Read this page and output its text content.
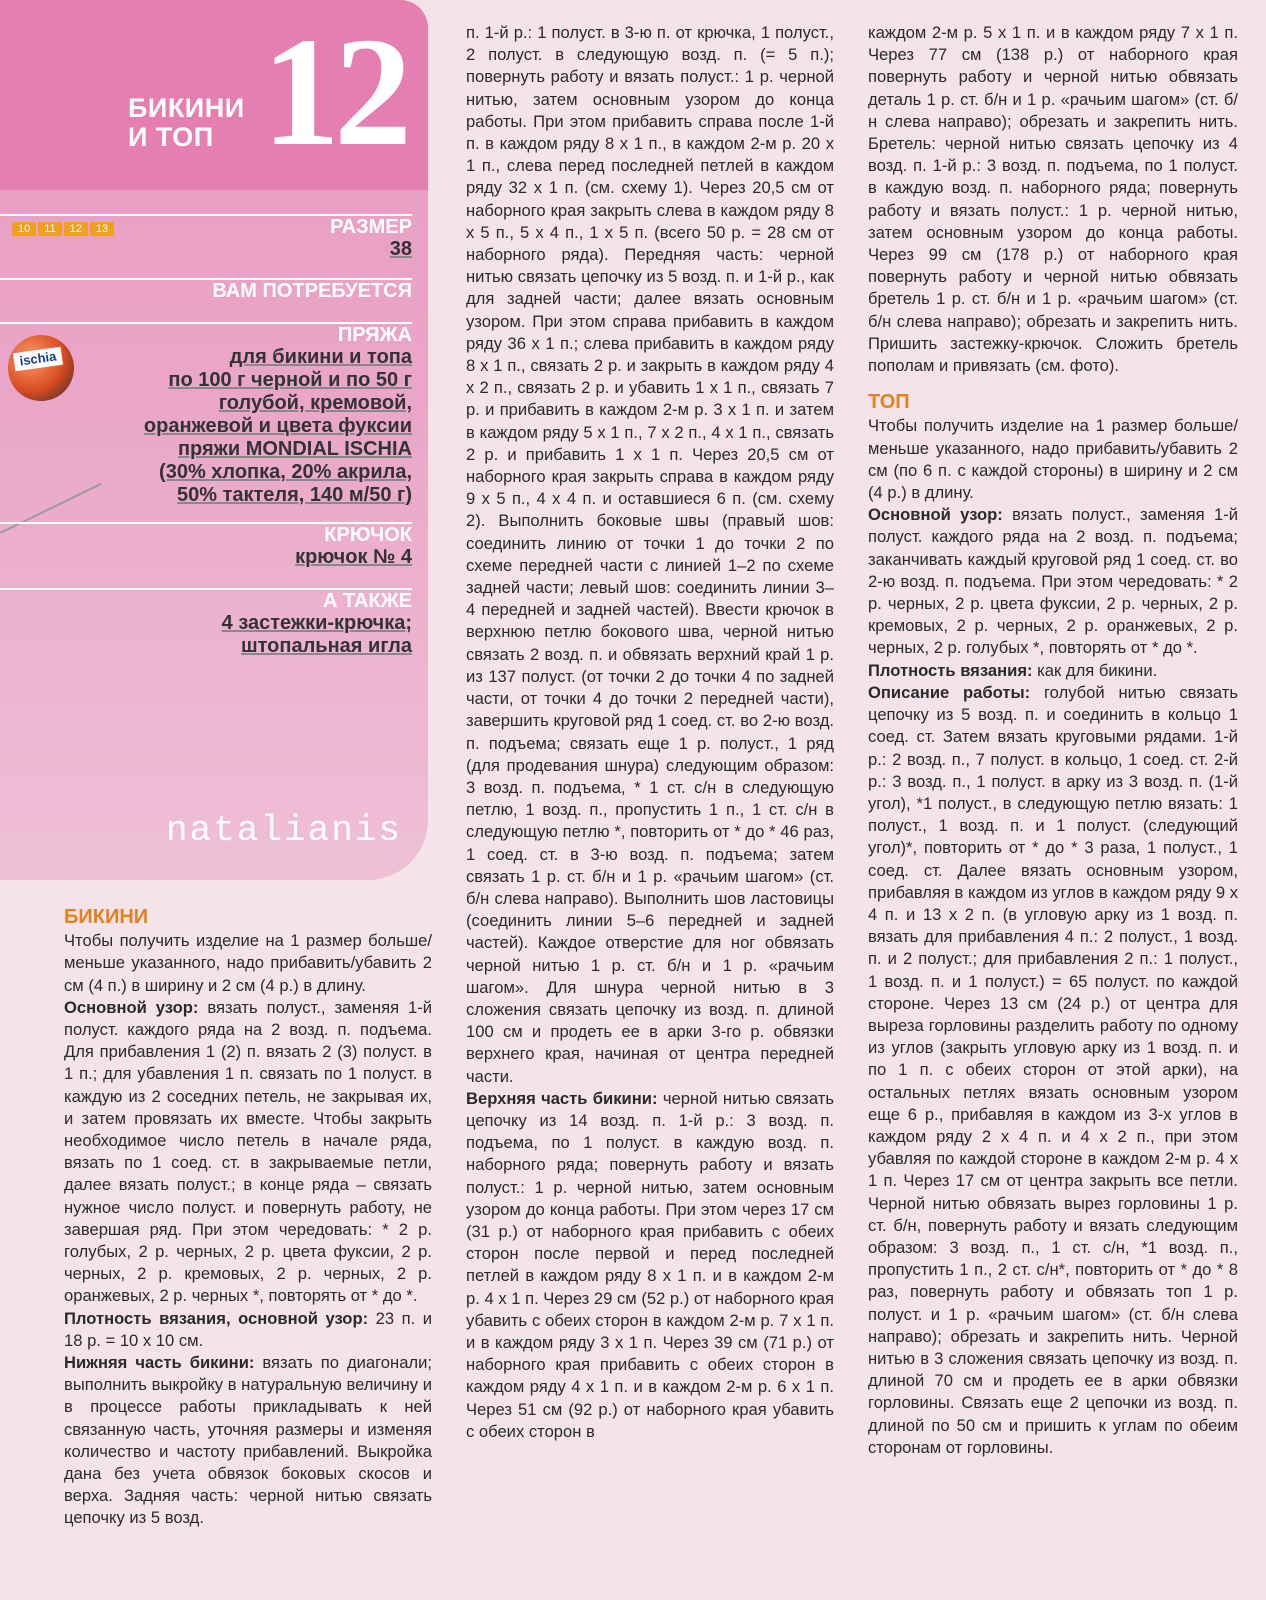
БИКИНИ
И ТОП 12
10	11	12	13	РАЗМЕР
38
ВАМ ПОТРЕБУЕТСЯ
ПРЯЖА
ischia	для бикини и топа
по 100 г черной и по 50 г
голубой, кремовой,
оранжевой и цвета фуксии
пряжи MONDIAL ISCHIA
(30% хлопка, 20% акрила,
50% тактеля, 140 м/50 г)
КРЮЧОК
крючок № 4
А ТАКЖЕ
4 застежки-крючка;
штопальная игла
natalianis
БИКИНИ

Чтобы получить изделие на 1 размер больше/меньше указанного, надо прибавить/убавить 2 см (4 п.) в ширину и 2 см (4 р.) в длину.

Основной узор: вязать полуст., заменяя 1-й полуст. каждого ряда на 2 возд. п. подъема. Для прибавления 1 (2) п. вязать 2 (3) полуст. в 1 п.; для убавления 1 п. связать по 1 полуст. в каждую из 2 соседних петель, не закрывая их, и затем провязать их вместе. Чтобы закрыть необходимое число петель в начале ряда, вязать по 1 соед. ст. в закрываемые петли, далее вязать полуст.; в конце ряда – связать нужное число полуст. и повернуть работу, не завершая ряд. При этом чередовать: * 2 р. голубых, 2 р. черных, 2 р. цвета фуксии, 2 р. черных, 2 р. кремовых, 2 р. черных, 2 р. оранжевых, 2 р. черных *, повторять от * до *.

Плотность вязания, основной узор: 23 п. и 18 р. = 10 х 10 см.

Нижняя часть бикини: вязать по диагонали; выполнить выкройку в натуральную величину и в процессе работы прикладывать к ней связанную часть, уточняя размеры и изменяя количество и частоту прибавлений. Выкройка дана без учета обвязок боковых скосов и верха. Задняя часть: черной нитью связать цепочку из 5 возд.

п. 1-й р.: 1 полуст. в 3-ю п. от крючка, 1 полуст., 2 полуст. в следующую возд. п. (= 5 п.); повернуть работу и вязать полуст.: 1 р. черной нитью, затем основным узором до конца работы. При этом прибавить справа после 1-й п. в каждом ряду 8 х 1 п., в каждом 2-м р. 20 х 1 п., слева перед последней петлей в каждом ряду 32 х 1 п. (см. схему 1). Через 20,5 см от наборного края закрыть слева в каждом ряду 8 х 5 п., 5 х 4 п., 1 х 5 п. (всего 50 р. = 28 см от наборного ряда). Передняя часть: черной нитью связать цепочку из 5 возд. п. и 1-й р., как для задней части; далее вязать основным узором. При этом справа прибавить в каждом ряду 36 х 1 п.; слева прибавить в каждом ряду 8 х 1 п., связать 2 р. и закрыть в каждом ряду 4 х 2 п., связать 2 р. и убавить 1 х 1 п., связать 7 р. и прибавить в каждом 2-м р. 3 х 1 п. и затем в каждом ряду 5 х 1 п., 7 х 2 п., 4 х 1 п., связать 2 р. и прибавить 1 х 1 п. Через 20,5 см от наборного края закрыть справа в каждом ряду 9 х 5 п., 4 х 4 п. и оставшиеся 6 п. (см. схему 2). Выполнить боковые швы (правый шов: соединить линию от точки 1 до точки 2 по схеме передней части с линией 1–2 по схеме задней части; левый шов: соединить линии 3–4 передней и задней частей). Ввести крючок в верхнюю петлю бокового шва, черной нитью связать 2 возд. п. и обвязать верхний край 1 р. из 137 полуст. (от точки 2 до точки 4 по задней части, от точки 4 до точки 2 передней части), завершить круговой ряд 1 соед. ст. во 2-ю возд. п. подъема; связать еще 1 р. полуст., 1 ряд (для продевания шнура) следующим образом: 3 возд. п. подъема, * 1 ст. с/н в следующую петлю, 1 возд. п., пропустить 1 п., 1 ст. с/н в следующую петлю *, повторить от * до * 46 раз, 1 соед. ст. в 3-ю возд. п. подъема; затем связать 1 р. ст. б/н и 1 р. «рачьим шагом» (ст. б/н слева направо). Выполнить шов ластовицы (соединить линии 5–6 передней и задней частей). Каждое отверстие для ног обвязать черной нитью 1 р. ст. б/н и 1 р. «рачьим шагом». Для шнура черной нитью в 3 сложения связать цепочку из возд. п. длиной 100 см и продеть ее в арки 3-го р. обвязки верхнего края, начиная от центра передней части.

Верхняя часть бикини: черной нитью связать цепочку из 14 возд. п. 1-й р.: 3 возд. п. подъема, по 1 полуст. в каждую возд. п. наборного ряда; повернуть работу и вязать полуст.: 1 р. черной нитью, затем основным узором до конца работы. При этом через 17 см (31 р.) от наборного края прибавить с обеих сторон после первой и перед последней петлей в каждом ряду 8 х 1 п. и в каждом 2-м р. 4 х 1 п. Через 29 см (52 р.) от наборного края убавить с обеих сторон в каждом 2-м р. 7 х 1 п. и в каждом ряду 3 х 1 п. Через 39 см (71 р.) от наборного края прибавить с обеих сторон в каждом ряду 4 х 1 п. и в каждом 2-м р. 6 х 1 п. Через 51 см (92 р.) от наборного края убавить с обеих сторон в

каждом 2-м р. 5 х 1 п. и в каждом ряду 7 х 1 п. Через 77 см (138 р.) от наборного края повернуть работу и черной нитью обвязать деталь 1 р. ст. б/н и 1 р. «рачьим шагом» (ст. б/н слева направо); обрезать и закрепить нить. Бретель: черной нитью связать цепочку из 4 возд. п. 1-й р.: 3 возд. п. подъема, по 1 полуст. в каждую возд. п. наборного ряда; повернуть работу и вязать полуст.: 1 р. черной нитью, затем основным узором до конца работы. Через 99 см (178 р.) от наборного края повернуть работу и черной нитью обвязать бретель 1 р. ст. б/н и 1 р. «рачьим шагом» (ст. б/н слева направо); обрезать и закрепить нить. Пришить застежку-крючок. Сложить бретель пополам и привязать (см. фото).

ТОП

Чтобы получить изделие на 1 размер больше/меньше указанного, надо прибавить/убавить 2 см (по 6 п. с каждой стороны) в ширину и 2 см (4 р.) в длину.

Основной узор: вязать полуст., заменяя 1-й полуст. каждого ряда на 2 возд. п. подъема; заканчивать каждый круговой ряд 1 соед. ст. во 2-ю возд. п. подъема. При этом чередовать: * 2 р. черных, 2 р. цвета фуксии, 2 р. черных, 2 р. кремовых, 2 р. черных, 2 р. оранжевых, 2 р. черных, 2 р. голубых *, повторять от * до *.

Плотность вязания: как для бикини.

Описание работы: голубой нитью связать цепочку из 5 возд. п. и соединить в кольцо 1 соед. ст. Затем вязать круговыми рядами. 1-й р.: 2 возд. п., 7 полуст. в кольцо, 1 соед. ст. 2-й р.: 3 возд. п., 1 полуст. в арку из 3 возд. п. (1-й угол), *1 полуст., в следующую петлю вязать: 1 полуст., 1 возд. п. и 1 полуст. (следующий угол)*, повторить от * до * 3 раза, 1 полуст., 1 соед. ст. Далее вязать основным узором, прибавляя в каждом из углов в каждом ряду 9 х 4 п. и 13 х 2 п. (в угловую арку из 1 возд. п. вязать для прибавления 4 п.: 2 полуст., 1 возд. п. и 2 полуст.; для прибавления 2 п.: 1 полуст., 1 возд. п. и 1 полуст.) = 65 полуст. по каждой стороне. Через 13 см (24 р.) от центра для выреза горловины разделить работу по одному из углов (закрыть угловую арку из 1 возд. п. и по 1 п. с обеих сторон от этой арки), на остальных петлях вязать основным узором еще 6 р., прибавляя в каждом из 3-х углов в каждом ряду 2 х 4 п. и 4 х 2 п., при этом убавляя по каждой стороне в каждом 2-м р. 4 х 1 п. Через 17 см от центра закрыть все петли. Черной нитью обвязать вырез горловины 1 р. ст. б/н, повернуть работу и вязать следующим образом: 3 возд. п., 1 ст. с/н, *1 возд. п., пропустить 1 п., 2 ст. с/н*, повторить от * до * 8 раз, повернуть работу и обвязать топ 1 р. полуст. и 1 р. «рачьим шагом» (ст. б/н слева направо); обрезать и закрепить нить. Черной нитью в 3 сложения связать цепочку из возд. п. длиной 70 см и продеть ее в арки обвязки горловины. Связать еще 2 цепочки из возд. п. длиной по 50 см и пришить к углам по обеим сторонам от горловины.
